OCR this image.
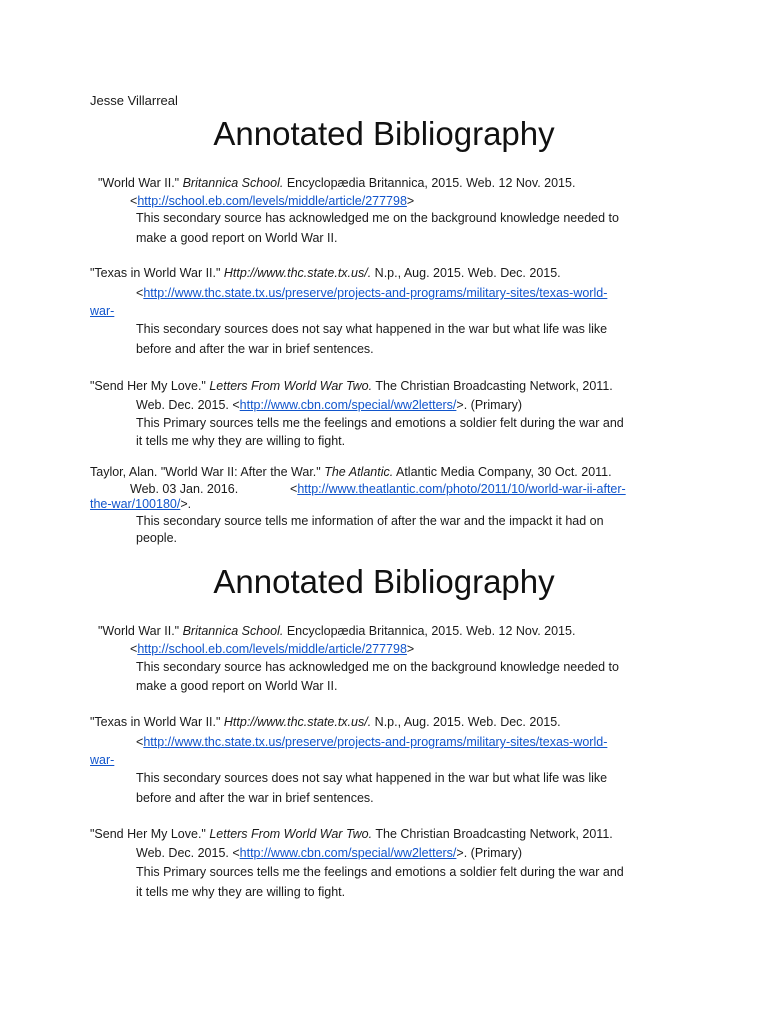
Jesse Villarreal
Annotated Bibliography
"World War II." Britannica School. Encyclopædia Britannica, 2015. Web. 12 Nov. 2015.
<http://school.eb.com/levels/middle/article/277798>
This secondary source has acknowledged me on the background knowledge needed to
make a good report on World War II.
"Texas in World War II." Http://www.thc.state.tx.us/. N.p., Aug. 2015. Web. Dec. 2015.
<http://www.thc.state.tx.us/preserve/projects-and-programs/military-sites/texas-world-
war-
This secondary sources does not say what happened in the war but what life was like
before and after the war in brief sentences.
"Send Her My Love." Letters From World War Two. The Christian Broadcasting Network, 2011.
Web. Dec. 2015. <http://www.cbn.com/special/ww2letters/>. (Primary)
This Primary sources tells me the feelings and emotions a soldier felt during the war and
it tells me why they are willing to fight.
Taylor, Alan. "World War II: After the War." The Atlantic. Atlantic Media Company, 30 Oct. 2011.
Web. 03 Jan. 2016.	<http://www.theatlantic.com/photo/2011/10/world-war-ii-after-
the-war/100180/>.
This secondary source tells me information of after the war and the impackt it had on
people.
Annotated Bibliography
"World War II." Britannica School. Encyclopædia Britannica, 2015. Web. 12 Nov. 2015.
<http://school.eb.com/levels/middle/article/277798>
This secondary source has acknowledged me on the background knowledge needed to
make a good report on World War II.
"Texas in World War II." Http://www.thc.state.tx.us/. N.p., Aug. 2015. Web. Dec. 2015.
<http://www.thc.state.tx.us/preserve/projects-and-programs/military-sites/texas-world-
war-
This secondary sources does not say what happened in the war but what life was like
before and after the war in brief sentences.
"Send Her My Love." Letters From World War Two. The Christian Broadcasting Network, 2011.
Web. Dec. 2015. <http://www.cbn.com/special/ww2letters/>. (Primary)
This Primary sources tells me the feelings and emotions a soldier felt during the war and
it tells me why they are willing to fight.
